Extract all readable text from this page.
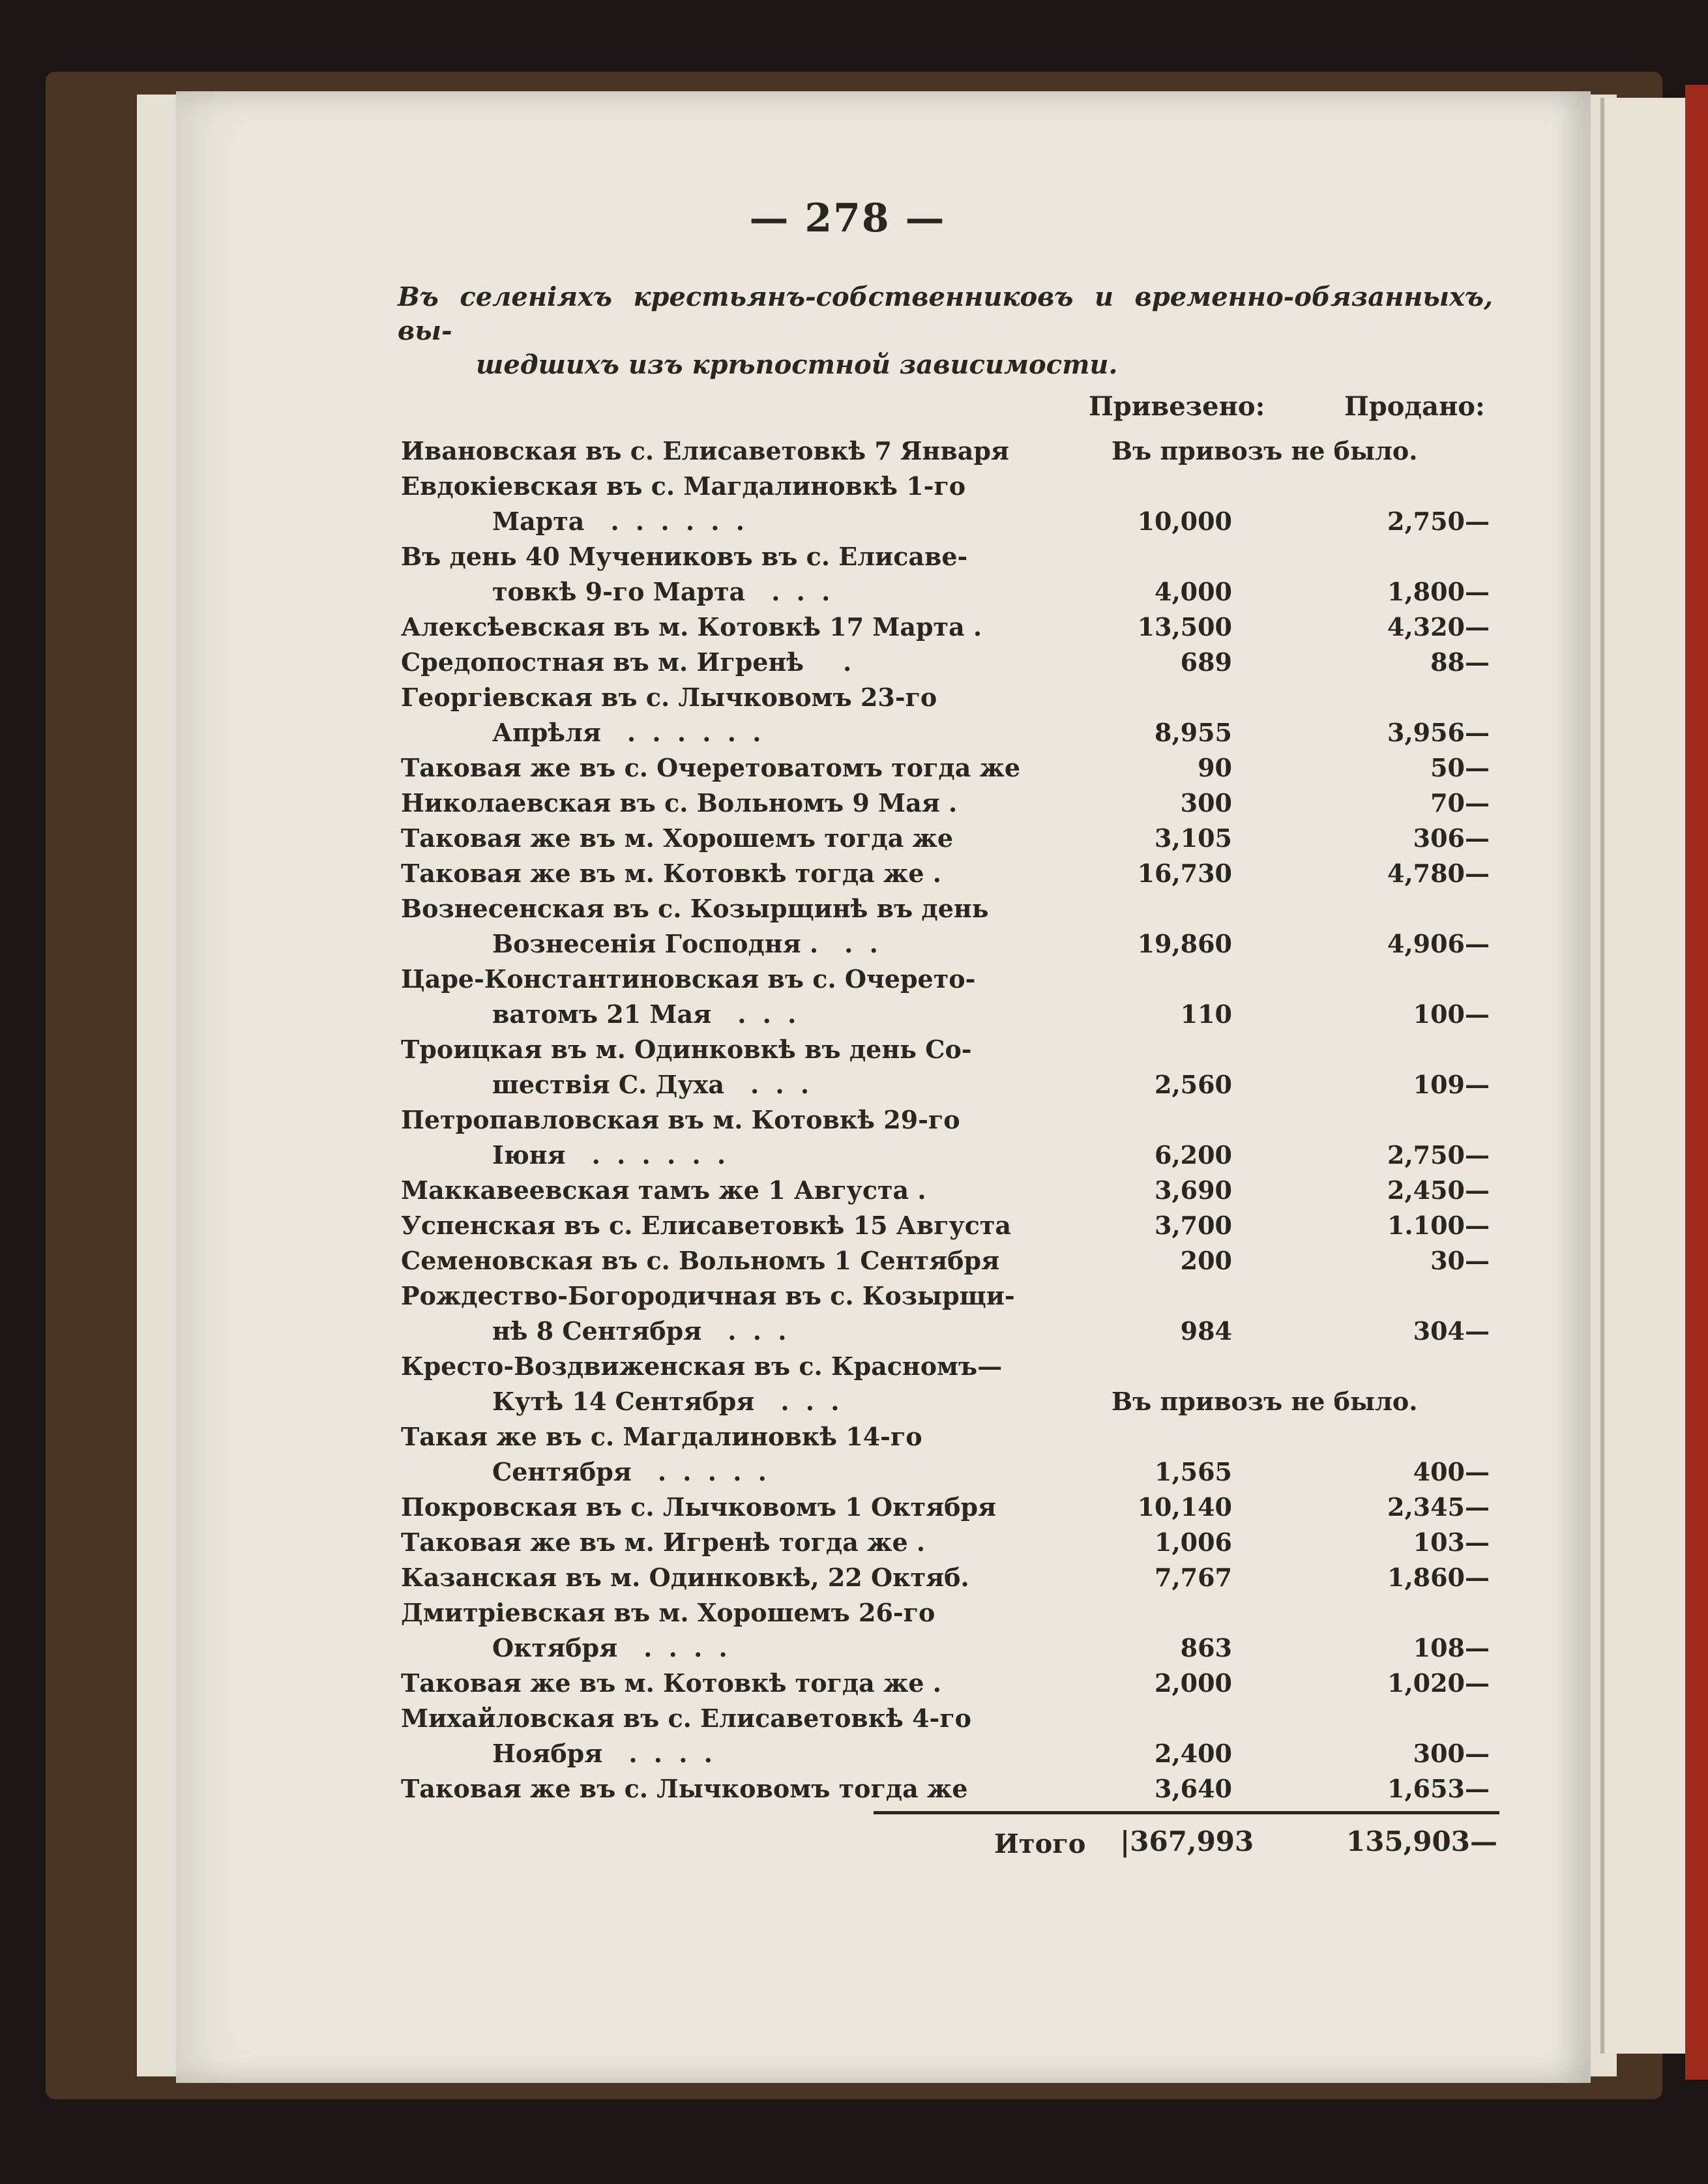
— 278 —
Въ селеніяхъ крестьянъ-собственниковъ и временно-обязанныхъ, вы-
шедшихъ изъ крѣпостной зависимости.
Привезено:	Продано:
Ивановская въ с. Елисаветовкѣ 7 Января	Въ привозъ не было.
Евдокіевская въ с. Магдалиновкѣ 1-го
Марта . . . . . .	10,000	2,750—
Въ день 40 Мучениковъ въ с. Елисаве-
товкѣ 9-го Марта . . .	4,000	1,800—
Алексѣевская въ м. Котовкѣ 17 Марта .	13,500	4,320—
Средопостная въ м. Игренѣ .	689	88—
Георгіевская въ с. Лычковомъ 23-го
Апрѣля . . . . . .	8,955	3,956—
Таковая же въ с. Очеретоватомъ тогда же	90	50—
Николаевская въ с. Вольномъ 9 Мая .	300	70—
Таковая же въ м. Хорошемъ тогда же	3,105	306—
Таковая же въ м. Котовкѣ тогда же .	16,730	4,780—
Вознесенская въ с. Козырщинѣ въ день
Вознесенія Господня . . .	19,860	4,906—
Царе-Константиновская въ с. Очерето-
ватомъ 21 Мая . . .	110	100—
Троицкая въ м. Одинковкѣ въ день Со-
шествія С. Духа . . .	2,560	109—
Петропавловская въ м. Котовкѣ 29-го
Іюня . . . . . .	6,200	2,750—
Маккавеевская тамъ же 1 Августа .	3,690	2,450—
Успенская въ с. Елисаветовкѣ 15 Августа	3,700	1.100—
Семеновская въ с. Вольномъ 1 Сентября	200	30—
Рождество-Богородичная въ с. Козырщи-
нѣ 8 Сентября . . .	984	304—
Кресто-Воздвиженская въ с. Красномъ—
Кутѣ 14 Сентября . . .	Въ привозъ не было.
Такая же въ с. Магдалиновкѣ 14-го
Сентября . . . . .	1,565	400—
Покровская въ с. Лычковомъ 1 Октября	10,140	2,345—
Таковая же въ м. Игренѣ тогда же .	1,006	103—
Казанская въ м. Одинковкѣ, 22 Октяб.	7,767	1,860—
Дмитріевская въ м. Хорошемъ 26-го
Октября . . . .	863	108—
Таковая же въ м. Котовкѣ тогда же .	2,000	1,020—
Михайловская въ с. Елисаветовкѣ 4-го
Ноября . . . .	2,400	300—
Таковая же въ с. Лычковомъ тогда же	3,640	1,653—
Итого |367,993	135,903—
